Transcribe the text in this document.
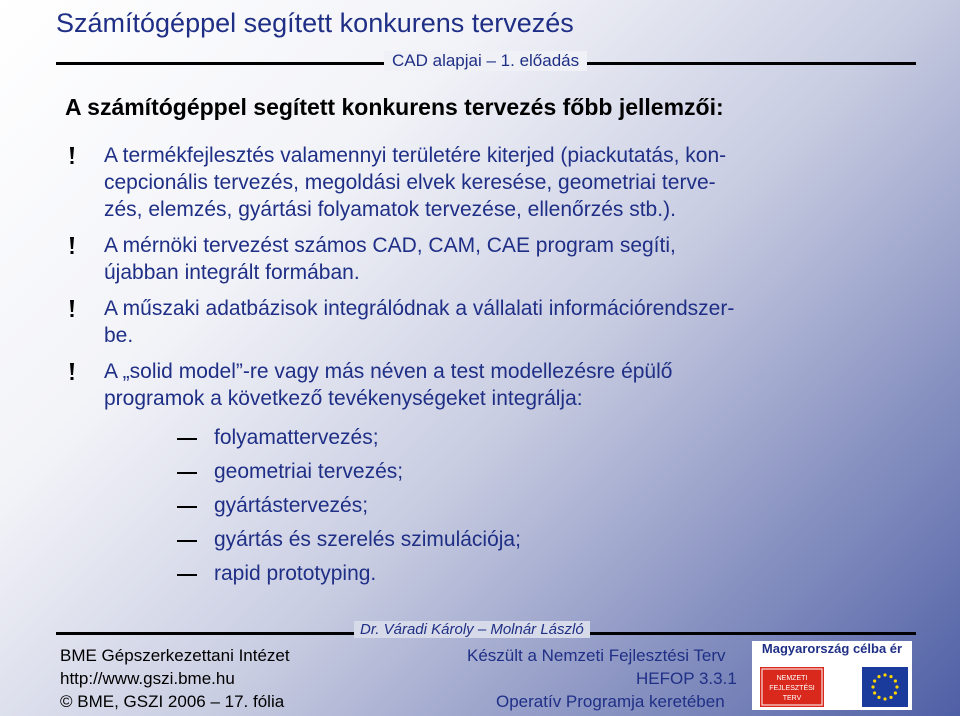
Számítógéppel segített konkurens tervezés
CAD alapjai – 1. előadás
A számítógéppel segített konkurens tervezés főbb jellemzői:
A termékfejlesztés valamennyi területére kiterjed (piackutatás, kon-
cepcionális tervezés, megoldási elvek keresése, geometriai terve-
zés, elemzés, gyártási folyamatok tervezése, ellenőrzés stb.).
A mérnöki tervezést számos CAD, CAM, CAE program segíti,
újabban integrált formában.
A műszaki adatbázisok integrálódnak a vállalati információrendszer-
be.
A „solid model”-re vagy más néven a test modellezésre épülő
programok a következő tevékenységeket integrálja:
folyamattervezés;
geometriai tervezés;
gyártástervezés;
gyártás és szerelés szimulációja;
rapid prototyping.
Dr. Váradi Károly – Molnár László
BME Gépszerkezettani Intézet
http://www.gszi.bme.hu
© BME, GSZI 2006 – 17. fólia
Készült a Nemzeti Fejlesztési Terv
HEFOP 3.3.1
Operatív Programja keretében
Magyarország célba ér
NEMZETI
FEJLESZTÉSI
TERV
